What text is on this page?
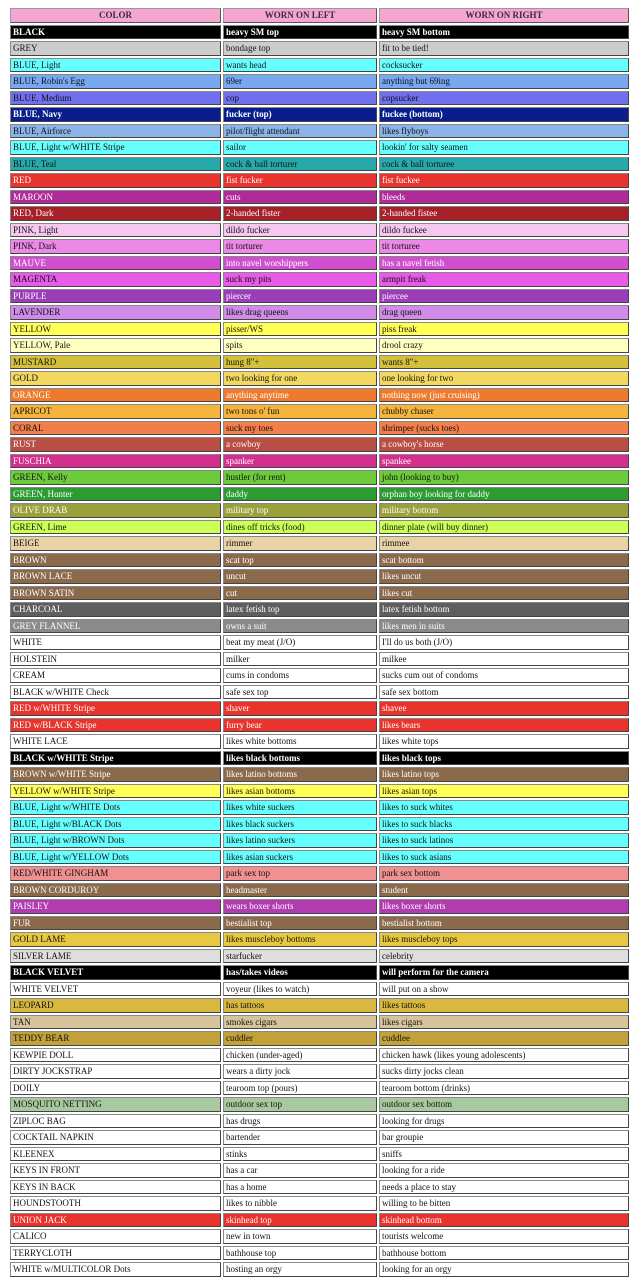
COLOR	WORN ON LEFT	WORN ON RIGHT
BLACK	heavy SM top	heavy SM bottom
GREY	bondage top	fit to be tied!
BLUE, Light	wants head	cocksucker
BLUE, Robin's Egg	69er	anything but 69ing
BLUE, Medium	cop	copsucker
BLUE, Navy	fucker (top)	fuckee (bottom)
BLUE, Airforce	pilot/flight attendant	likes flyboys
BLUE, Light w/WHITE Stripe	sailor	lookin' for salty seamen
BLUE, Teal	cock & ball torturer	cock & ball torturee
RED	fist fucker	fist fuckee
MAROON	cuts	bleeds
RED, Dark	2-handed fister	2-handed fistee
PINK, Light	dildo fucker	dildo fuckee
PINK, Dark	tit torturer	tit torturee
MAUVE	into navel worshippers	has a navel fetish
MAGENTA	suck my pits	armpit freak
PURPLE	piercer	piercee
LAVENDER	likes drag queens	drag queen
YELLOW	pisser/WS	piss freak
YELLOW, Pale	spits	drool crazy
MUSTARD	hung 8"+	wants 8"+
GOLD	two looking for one	one looking for two
ORANGE	anything anytime	nothing now (just cruising)
APRICOT	two tons o' fun	chubby chaser
CORAL	suck my toes	shrimper (sucks toes)
RUST	a cowboy	a cowboy's horse
FUSCHIA	spanker	spankee
GREEN, Kelly	hustler (for rent)	john (looking to buy)
GREEN, Hunter	daddy	orphan boy looking for daddy
OLIVE DRAB	military top	military bottom
GREEN, Lime	dines off tricks (food)	dinner plate (will buy dinner)
BEIGE	rimmer	rimmee
BROWN	scat top	scat bottom
BROWN LACE	uncut	likes uncut
BROWN SATIN	cut	likes cut
CHARCOAL	latex fetish top	latex fetish bottom
GREY FLANNEL	owns a suit	likes men in suits
WHITE	beat my meat (J/O)	I'll do us both (J/O)
HOLSTEIN	milker	milkee
CREAM	cums in condoms	sucks cum out of condoms
BLACK w/WHITE Check	safe sex top	safe sex bottom
RED w/WHITE Stripe	shaver	shavee
RED w/BLACK Stripe	furry bear	likes bears
WHITE LACE	likes white bottoms	likes white tops
BLACK w/WHITE Stripe	likes black bottoms	likes black tops
BROWN w/WHITE Stripe	likes latino bottoms	likes latino tops
YELLOW w/WHITE Stripe	likes asian bottoms	likes asian tops
BLUE, Light w/WHITE Dots	likes white suckers	likes to suck whites
BLUE, Light w/BLACK Dots	likes black suckers	likes to suck blacks
BLUE, Light w/BROWN Dots	likes latino suckers	likes to suck latinos
BLUE, Light w/YELLOW Dots	likes asian suckers	likes to suck asians
RED/WHITE GINGHAM	park sex top	park sex bottom
BROWN CORDUROY	headmaster	student
PAISLEY	wears boxer shorts	likes boxer shorts
FUR	bestialist top	bestialist bottom
GOLD LAME	likes muscleboy bottoms	likes muscleboy tops
SILVER LAME	starfucker	celebrity
BLACK VELVET	has/takes videos	will perform for the camera
WHITE VELVET	voyeur (likes to watch)	will put on a show
LEOPARD	has tattoos	likes tattoos
TAN	smokes cigars	likes cigars
TEDDY BEAR	cuddler	cuddlee
KEWPIE DOLL	chicken (under-aged)	chicken hawk (likes young adolescents)
DIRTY JOCKSTRAP	wears a dirty jock	sucks dirty jocks clean
DOILY	tearoom top (pours)	tearoom bottom (drinks)
MOSQUITO NETTING	outdoor sex top	outdoor sex bottom
ZIPLOC BAG	has drugs	looking for drugs
COCKTAIL NAPKIN	bartender	bar groupie
KLEENEX	stinks	sniffs
KEYS IN FRONT	has a car	looking for a ride
KEYS IN BACK	has a home	needs a place to stay
HOUNDSTOOTH	likes to nibble	willing to be bitten
UNION JACK	skinhead top	skinhead bottom
CALICO	new in town	tourists welcome
TERRYCLOTH	bathhouse top	bathhouse bottom
WHITE w/MULTICOLOR Dots	hosting an orgy	looking for an orgy
